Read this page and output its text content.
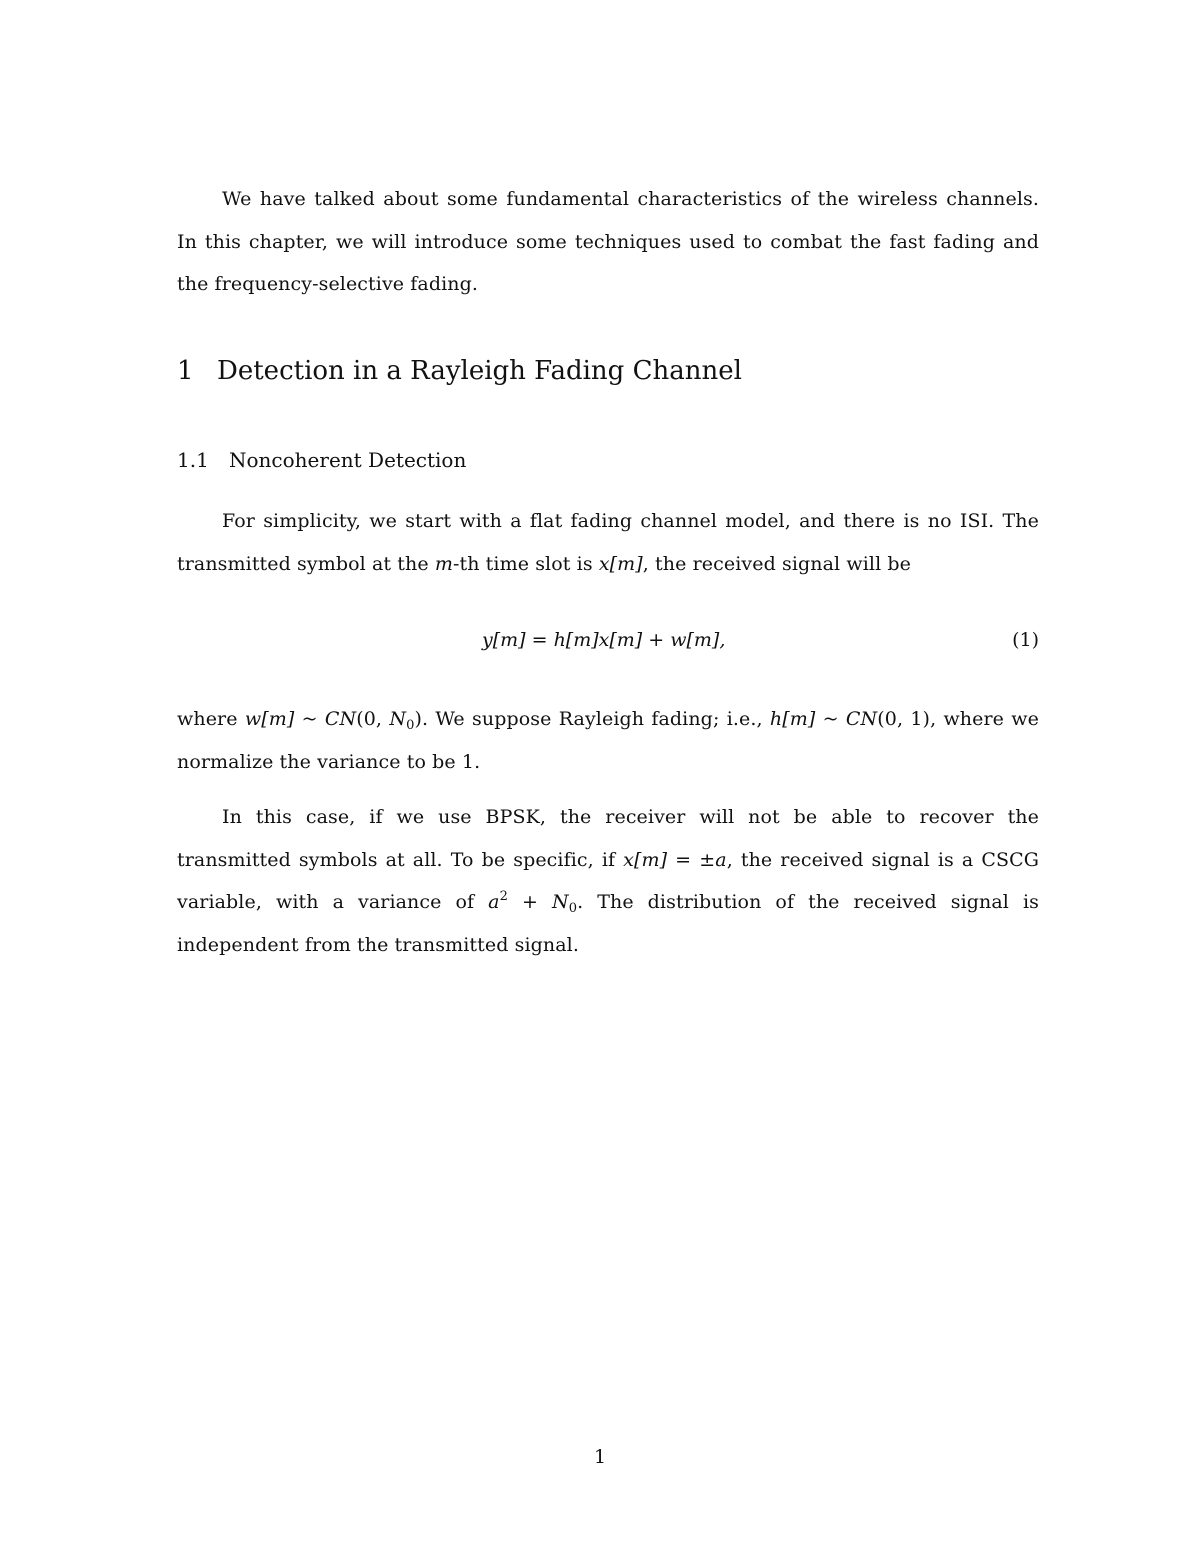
We have talked about some fundamental characteristics of the wireless channels. In this chapter, we will introduce some techniques used to combat the fast fading and the frequency-selective fading.
1 Detection in a Rayleigh Fading Channel
1.1 Noncoherent Detection
For simplicity, we start with a flat fading channel model, and there is no ISI. The transmitted symbol at the m-th time slot is x[m], the received signal will be
y[m] = h[m]x[m] + w[m],	(1)
where w[m] ~ CN(0, $N_0$). We suppose Rayleigh fading; i.e., h[m] ~ CN(0, 1), where we normalize the variance to be 1.
In this case, if we use BPSK, the receiver will not be able to recover the transmitted symbols at all. To be specific, if x[m] = ±a, the received signal is a CSCG variable, with a variance of $a^2 + N_0$. The distribution of the received signal is independent from the transmitted signal.
1
